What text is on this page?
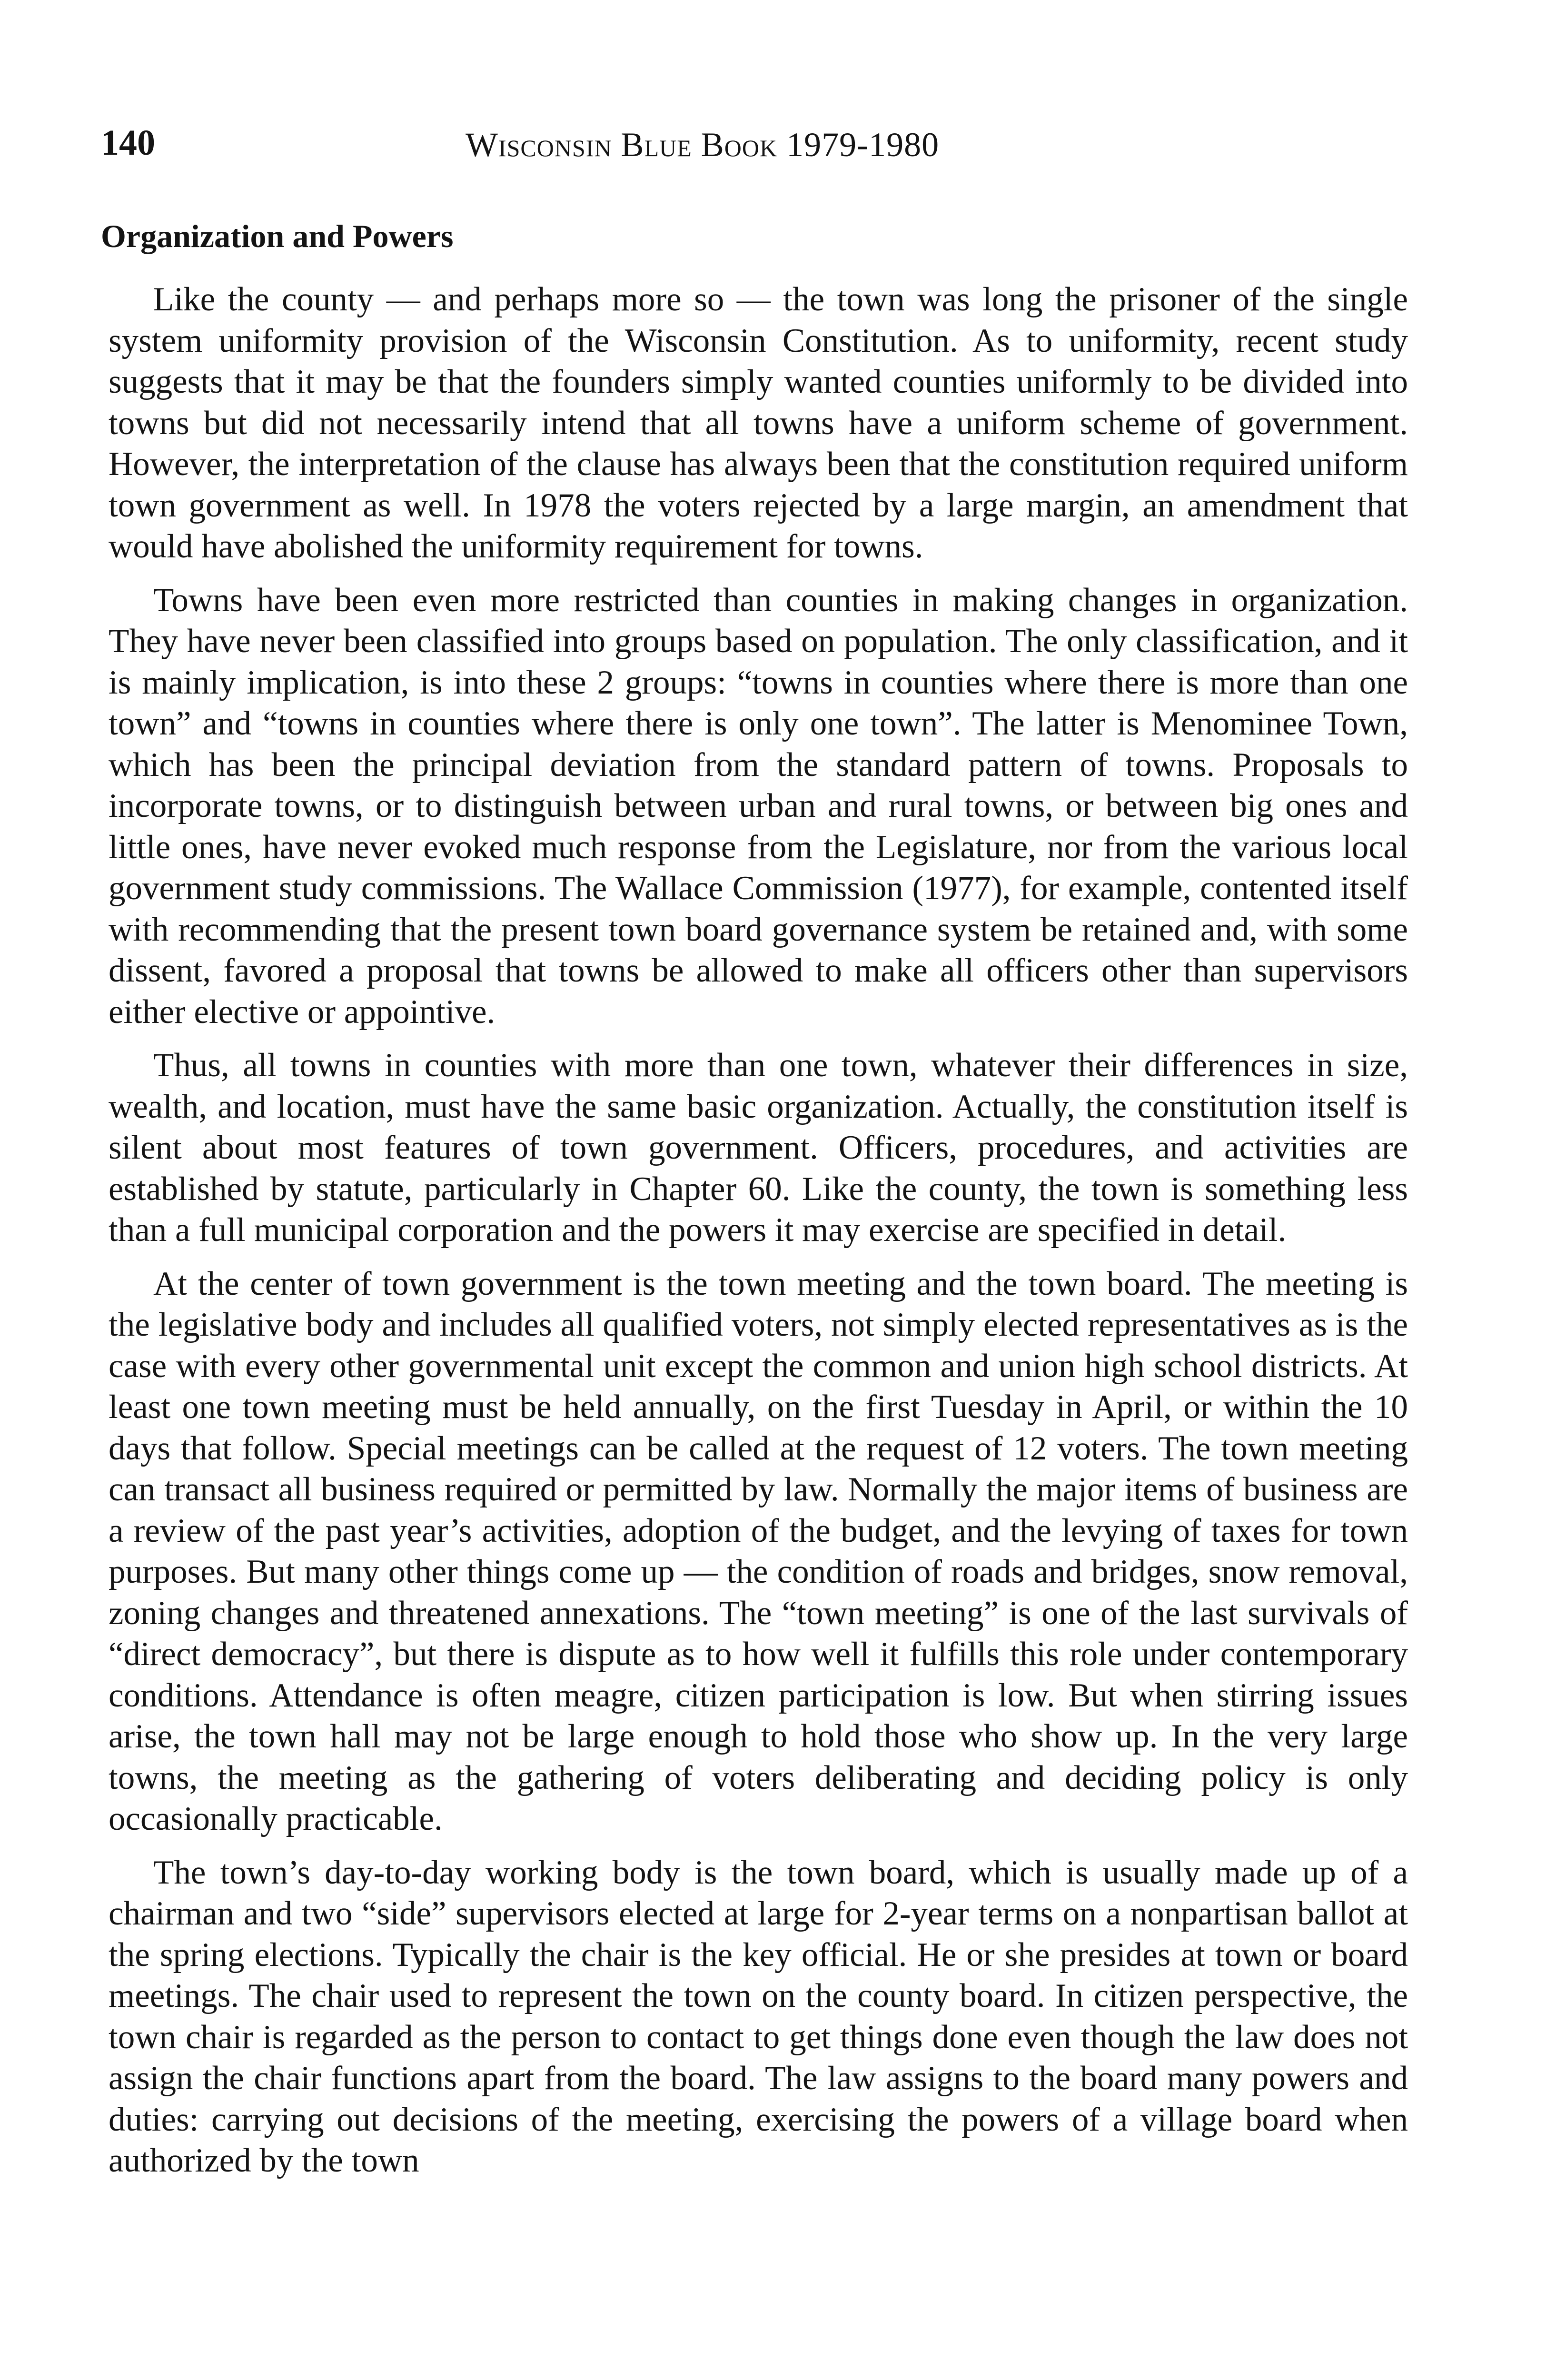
140	Wisconsin Blue Book 1979-1980
Organization and Powers

Like the county — and perhaps more so — the town was long the prisoner of the single system uniformity provision of the Wisconsin Constitution. As to uniformity, recent study suggests that it may be that the founders simply wanted counties uniformly to be divided into towns but did not necessarily intend that all towns have a uniform scheme of government. However, the interpretation of the clause has always been that the constitution required uniform town government as well. In 1978 the voters rejected by a large margin, an amendment that would have abolished the uniformity requirement for towns.

Towns have been even more restricted than counties in making changes in organization. They have never been classified into groups based on population. The only classification, and it is mainly implication, is into these 2 groups: “towns in counties where there is more than one town” and “towns in counties where there is only one town”. The latter is Menominee Town, which has been the principal deviation from the standard pattern of towns. Proposals to incorporate towns, or to distinguish between urban and rural towns, or between big ones and little ones, have never evoked much response from the Legislature, nor from the various local government study commissions. The Wallace Commission (1977), for example, contented itself with recommending that the present town board governance system be retained and, with some dissent, favored a proposal that towns be allowed to make all officers other than supervisors either elective or appointive.

Thus, all towns in counties with more than one town, whatever their differences in size, wealth, and location, must have the same basic organization. Actually, the constitution itself is silent about most features of town government. Officers, procedures, and activities are established by statute, particularly in Chapter 60. Like the county, the town is something less than a full municipal corporation and the powers it may exercise are specified in detail.

At the center of town government is the town meeting and the town board. The meeting is the legislative body and includes all qualified voters, not simply elected representatives as is the case with every other governmental unit except the common and union high school districts. At least one town meeting must be held annually, on the first Tuesday in April, or within the 10 days that follow. Special meetings can be called at the request of 12 voters. The town meeting can transact all business required or permitted by law. Normally the major items of business are a review of the past year’s activities, adoption of the budget, and the levying of taxes for town purposes. But many other things come up — the condition of roads and bridges, snow removal, zoning changes and threatened annexations. The “town meeting” is one of the last survivals of “direct democracy”, but there is dispute as to how well it fulfills this role under contemporary conditions. Attendance is often meagre, citizen participation is low. But when stirring issues arise, the town hall may not be large enough to hold those who show up. In the very large towns, the meeting as the gathering of voters deliberating and deciding policy is only occasionally practicable.

The town’s day-to-day working body is the town board, which is usually made up of a chairman and two “side” supervisors elected at large for 2-year terms on a nonpartisan ballot at the spring elections. Typically the chair is the key official. He or she presides at town or board meetings. The chair used to represent the town on the county board. In citizen perspective, the town chair is regarded as the person to contact to get things done even though the law does not assign the chair functions apart from the board. The law assigns to the board many powers and duties: carrying out decisions of the meeting, exercising the powers of a village board when authorized by the town
